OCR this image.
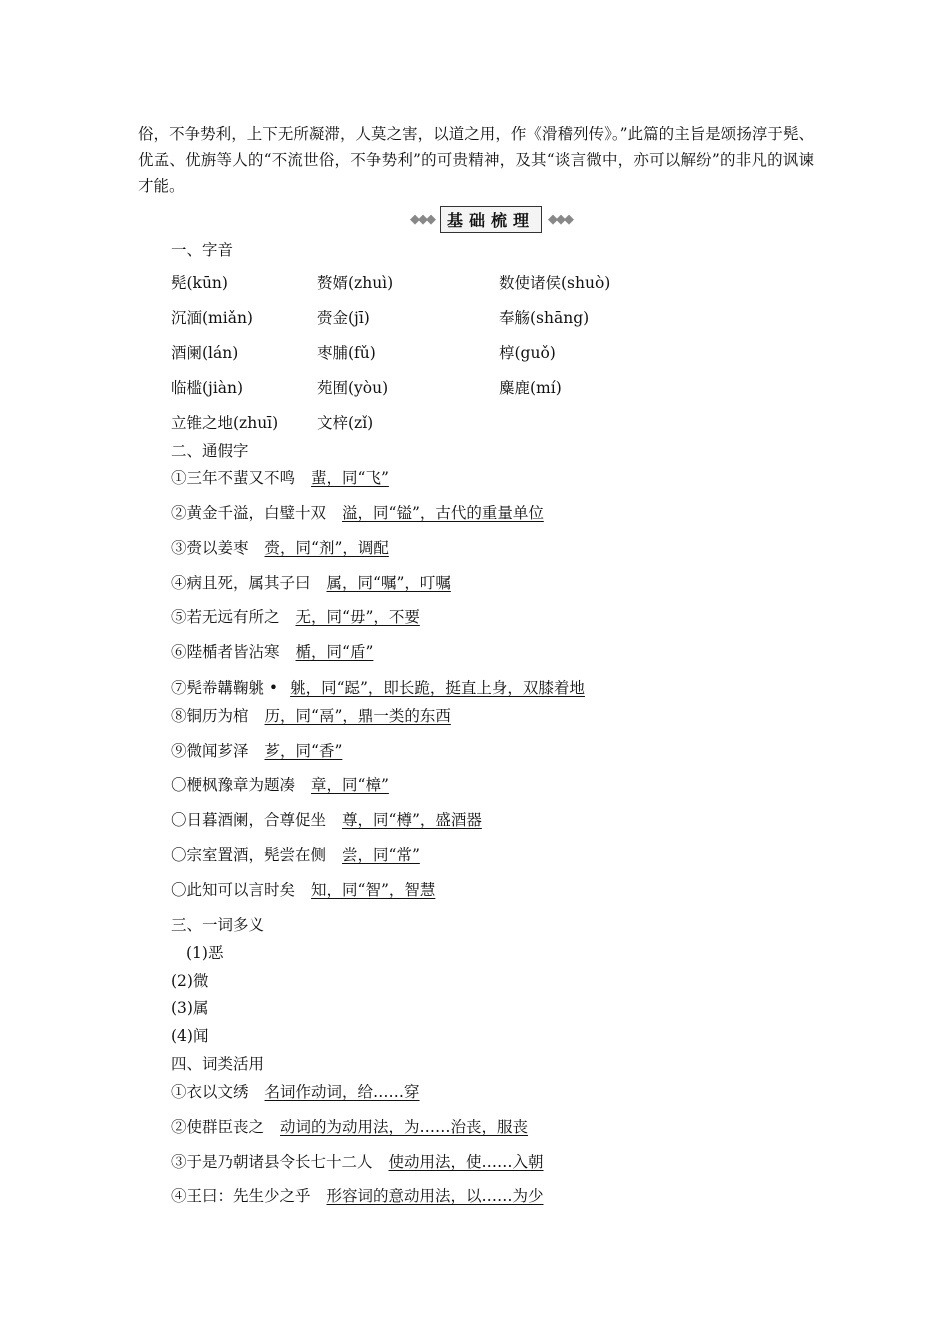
俗，不争势利，上下无所凝滞，人莫之害，以道之用，作《滑稽列传》。”此篇的主旨是颂扬淳于髡、优孟、优旃等人的“不流世俗，不争势利”的可贵精神，及其“谈言微中，亦可以解纷”的非凡的讽谏才能。

◆◆◆ 基础梳理	◆◆◆
一、字音
髡(kūn)	赘婿(zhuì)	数使诸侯(shuò)
沉湎(miǎn)	赍金(jī)	奉觞(shāng)
酒阑(lán)	枣脯(fǔ)	椁(guǒ)
临槛(jiàn)	苑囿(yòu)	麋鹿(mí)
立锥之地(zhuī)	文梓(zǐ)
二、通假字
①三年不蜚又不鸣 蜚，同“飞”
②黄金千溢，白璧十双 溢，同“镒”，古代的重量单位
③赍以姜枣 赍，同“剂”，调配
④病且死，属其子曰 属，同“嘱”，叮嘱
⑤若无远有所之 无，同“毋”，不要
⑥陛楯者皆沾寒 楯，同“盾”
⑦髡帣韝鞠䠷 • 䠷，同“跽”，即长跪，挺直上身，双膝着地
⑧铜历为棺 历，同“鬲”，鼎一类的东西
⑨微闻芗泽 芗，同“香”
〇楩枫豫章为题凑 章，同“樟”
〇日暮酒阑，合尊促坐 尊，同“樽”，盛酒器
〇宗室置酒，髡尝在侧 尝，同“常”
〇此知可以言时矣 知，同“智”，智慧
三、一词多义
(1)恶
(2)微
(3)属
(4)闻
四、词类活用
①衣以文绣 名词作动词，给……穿
②使群臣丧之 动词的为动用法，为……治丧，服丧
③于是乃朝诸县令长七十二人 使动用法，使……入朝
④王曰：先生少之乎 形容词的意动用法，以……为少
